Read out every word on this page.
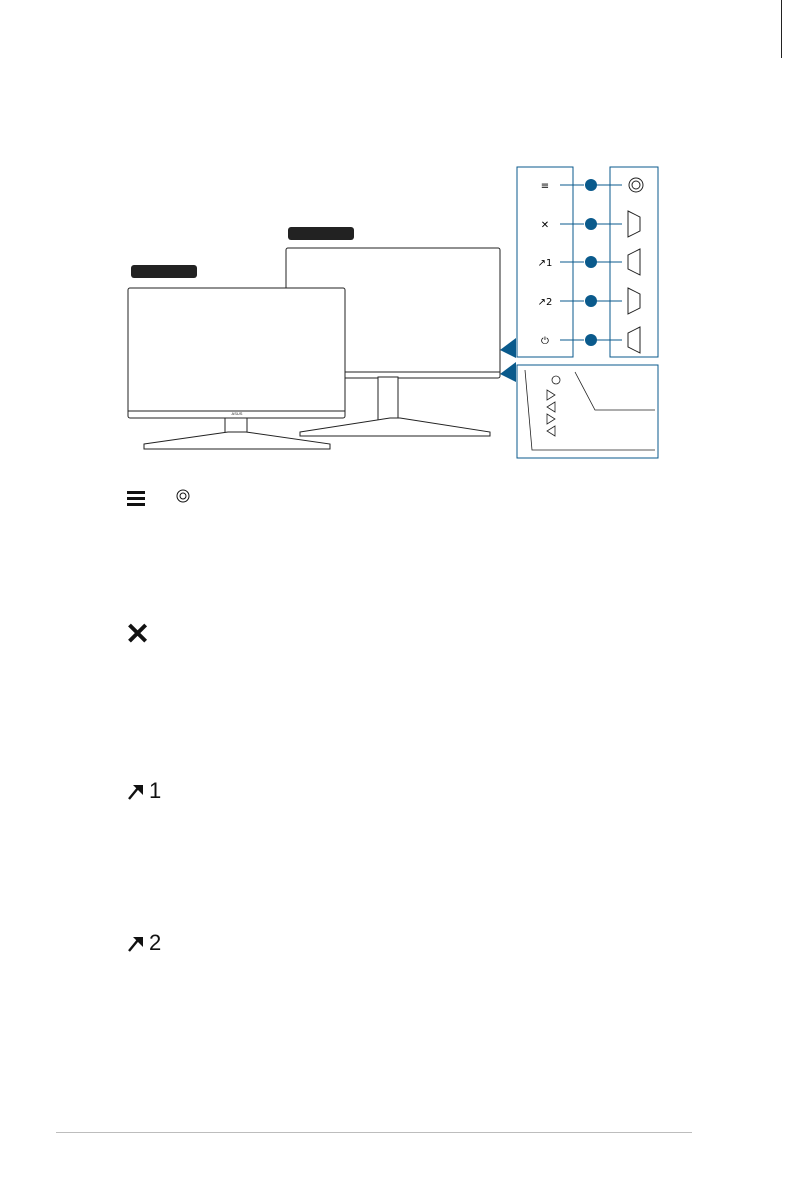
ASUS
≡
✕
↗1
↗2
⏻

✕
1
2
